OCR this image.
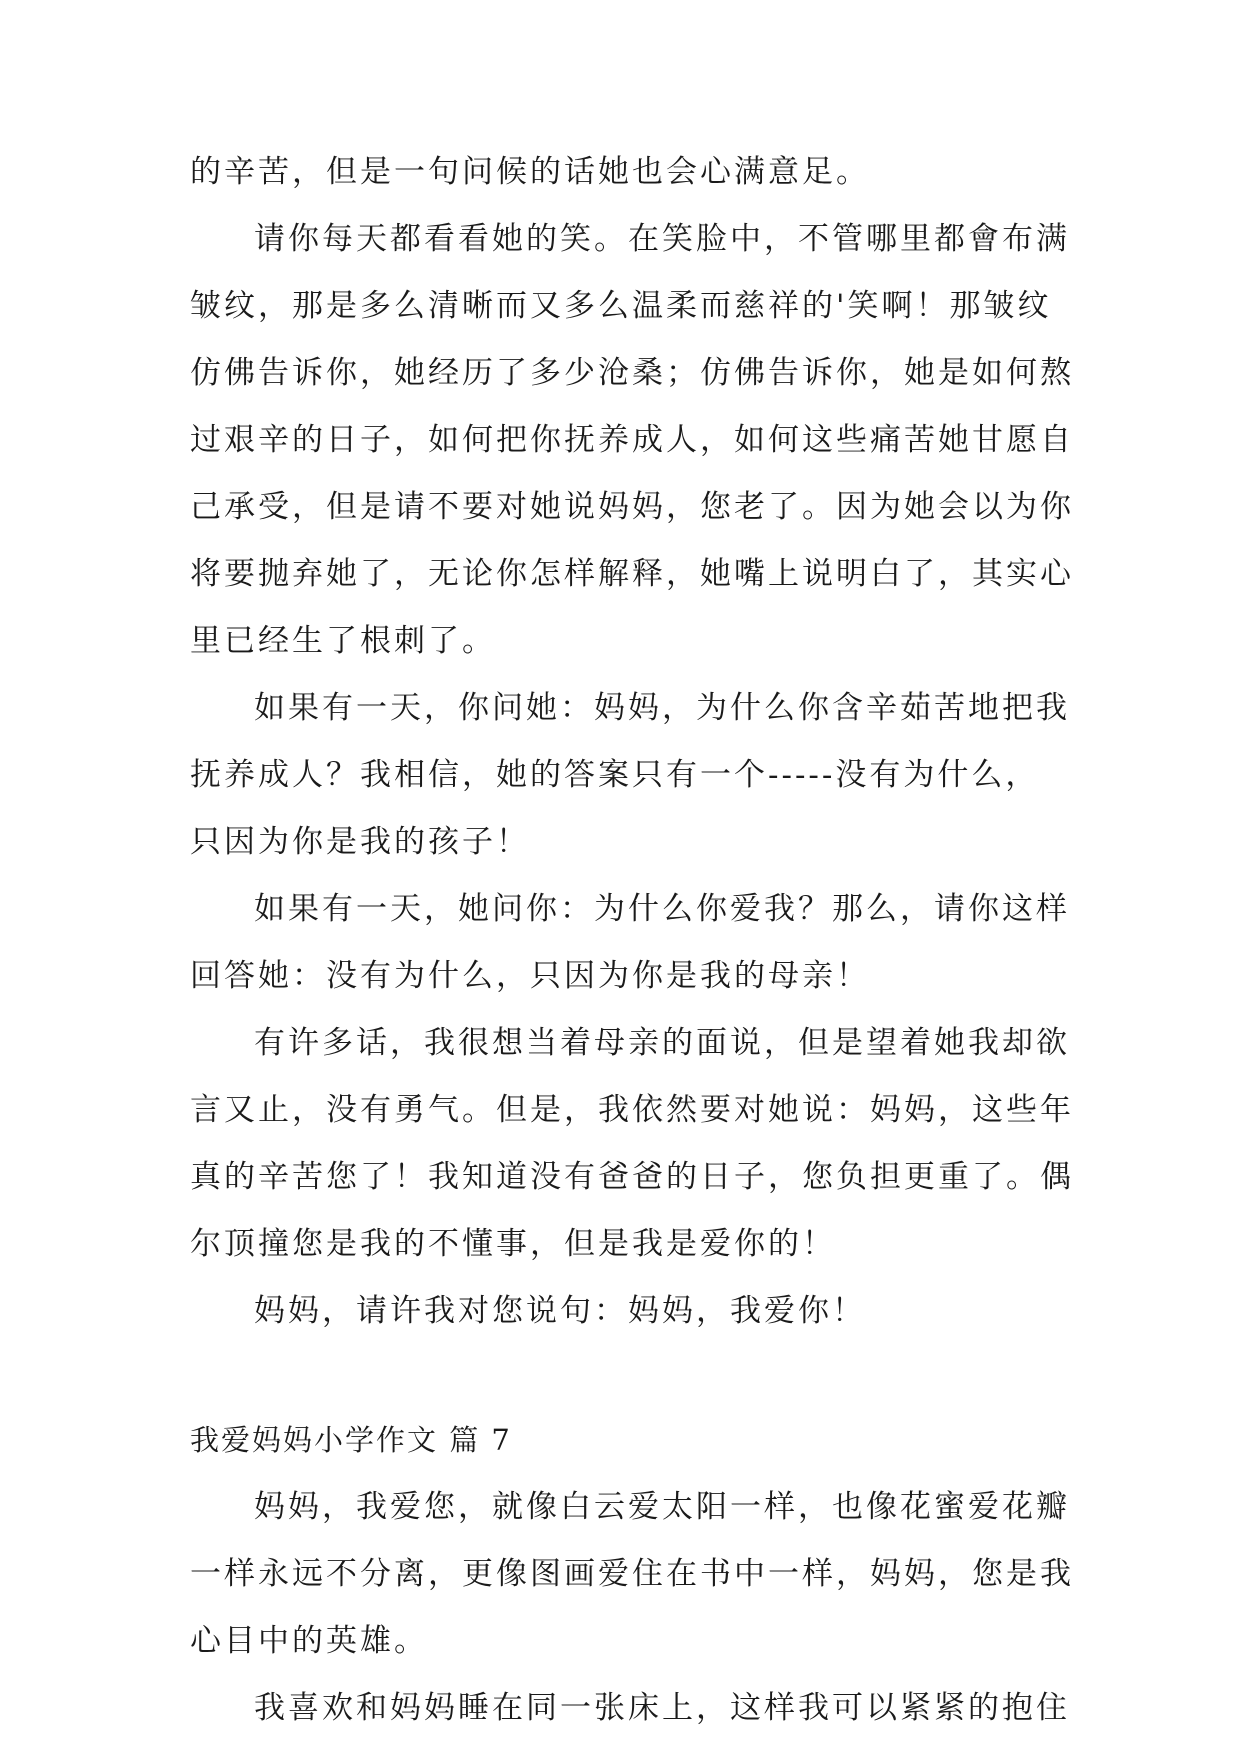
的辛苦，但是一句问候的话她也会心满意足。
请你每天都看看她的笑。在笑脸中，不管哪里都會布满
皱纹，那是多么清晰而又多么温柔而慈祥的'笑啊！那皱纹
仿佛告诉你，她经历了多少沧桑；仿佛告诉你，她是如何熬
过艰辛的日子，如何把你抚养成人，如何这些痛苦她甘愿自
己承受，但是请不要对她说妈妈，您老了。因为她会以为你
将要抛弃她了，无论你怎样解释，她嘴上说明白了，其实心
里已经生了根刺了。
如果有一天，你问她：妈妈，为什么你含辛茹苦地把我
抚养成人？我相信，她的答案只有一个-----没有为什么，
只因为你是我的孩子！
如果有一天，她问你：为什么你爱我？那么，请你这样
回答她：没有为什么，只因为你是我的母亲！
有许多话，我很想当着母亲的面说，但是望着她我却欲
言又止，没有勇气。但是，我依然要对她说：妈妈，这些年
真的辛苦您了！我知道没有爸爸的日子，您负担更重了。偶
尔顶撞您是我的不懂事，但是我是爱你的！
妈妈，请许我对您说句：妈妈，我爱你！
我爱妈妈小学作文 篇 7
妈妈，我爱您，就像白云爱太阳一样，也像花蜜爱花瓣
一样永远不分离，更像图画爱住在书中一样，妈妈，您是我
心目中的英雄。
我喜欢和妈妈睡在同一张床上，这样我可以紧紧的抱住
